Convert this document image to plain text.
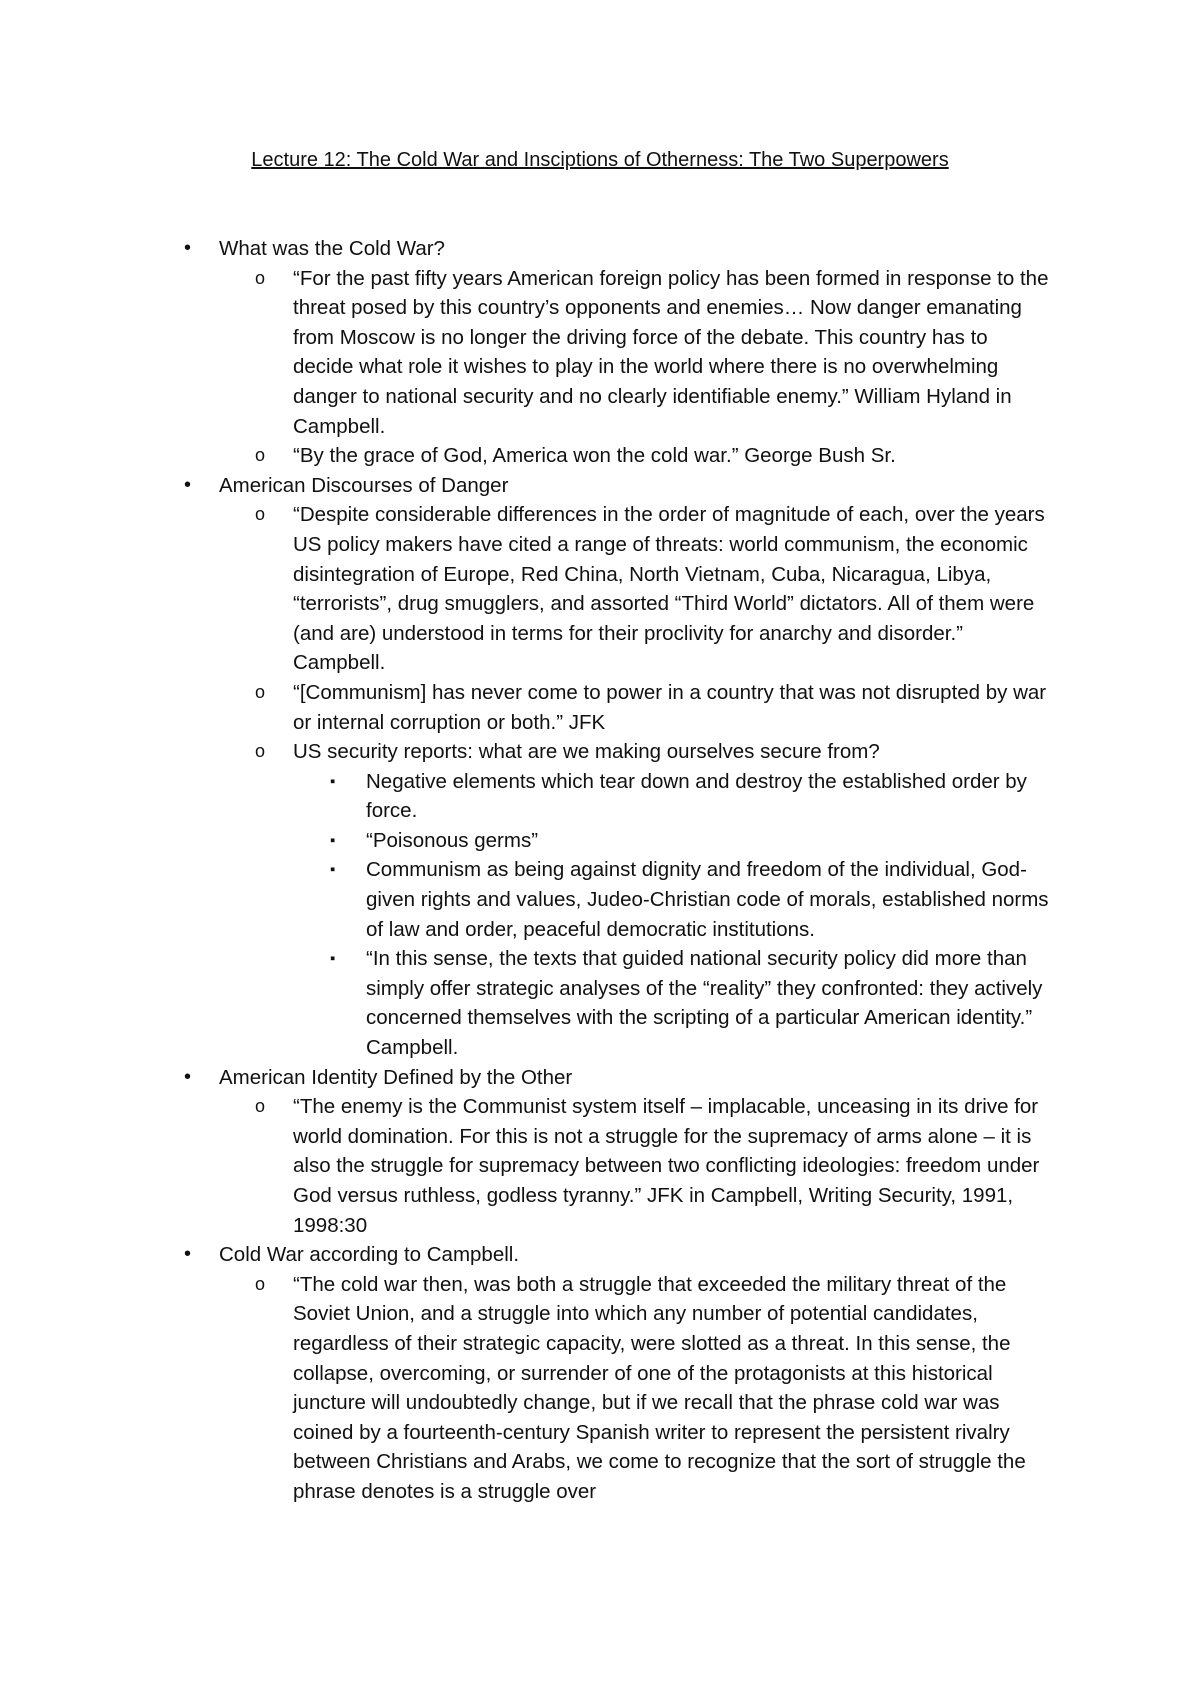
Lecture 12: The Cold War and Insciptions of Otherness: The Two Superpowers
• What was the Cold War?
o “For the past fifty years American foreign policy has been formed in response to the threat posed by this country’s opponents and enemies… Now danger emanating from Moscow is no longer the driving force of the debate. This country has to decide what role it wishes to play in the world where there is no overwhelming danger to national security and no clearly identifiable enemy.” William Hyland in Campbell.
o “By the grace of God, America won the cold war.” George Bush Sr.
• American Discourses of Danger
o “Despite considerable differences in the order of magnitude of each, over the years US policy makers have cited a range of threats: world communism, the economic disintegration of Europe, Red China, North Vietnam, Cuba, Nicaragua, Libya, “terrorists”, drug smugglers, and assorted “Third World” dictators. All of them were (and are) understood in terms for their proclivity for anarchy and disorder.” Campbell.
o “[Communism] has never come to power in a country that was not disrupted by war or internal corruption or both.” JFK
o US security reports: what are we making ourselves secure from?
▪ Negative elements which tear down and destroy the established order by force.
▪ “Poisonous germs”
▪ Communism as being against dignity and freedom of the individual, God-given rights and values, Judeo-Christian code of morals, established norms of law and order, peaceful democratic institutions.
▪ “In this sense, the texts that guided national security policy did more than simply offer strategic analyses of the “reality” they confronted: they actively concerned themselves with the scripting of a particular American identity.” Campbell.
• American Identity Defined by the Other
o “The enemy is the Communist system itself – implacable, unceasing in its drive for world domination. For this is not a struggle for the supremacy of arms alone – it is also the struggle for supremacy between two conflicting ideologies: freedom under God versus ruthless, godless tyranny.” JFK in Campbell, Writing Security, 1991, 1998:30
• Cold War according to Campbell.
o “The cold war then, was both a struggle that exceeded the military threat of the Soviet Union, and a struggle into which any number of potential candidates, regardless of their strategic capacity, were slotted as a threat. In this sense, the collapse, overcoming, or surrender of one of the protagonists at this historical juncture will undoubtedly change, but if we recall that the phrase cold war was coined by a fourteenth-century Spanish writer to represent the persistent rivalry between Christians and Arabs, we come to recognize that the sort of struggle the phrase denotes is a struggle over
